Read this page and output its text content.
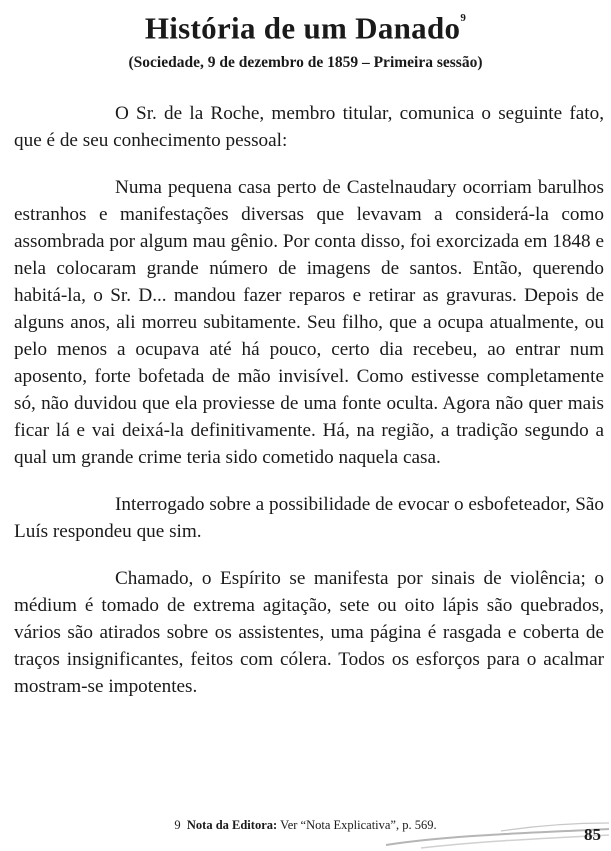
História de um Danado$^9$
(Sociedade, 9 de dezembro de 1859 – Primeira sessão)

O Sr. de la Roche, membro titular, comunica o seguinte fato, que é de seu conhecimento pessoal:

Numa pequena casa perto de Castelnaudary ocorriam barulhos estranhos e manifestações diversas que levavam a considerá-la como assombrada por algum mau gênio. Por conta disso, foi exorcizada em 1848 e nela colocaram grande número de imagens de santos. Então, querendo habitá-la, o Sr. D... mandou fazer reparos e retirar as gravuras. Depois de alguns anos, ali morreu subitamente. Seu filho, que a ocupa atualmente, ou pelo menos a ocupava até há pouco, certo dia recebeu, ao entrar num aposento, forte bofetada de mão invisível. Como estivesse completamente só, não duvidou que ela proviesse de uma fonte oculta. Agora não quer mais ficar lá e vai deixá-la definitivamente. Há, na região, a tradição segundo a qual um grande crime teria sido cometido naquela casa.

Interrogado sobre a possibilidade de evocar o esbofeteador, São Luís respondeu que sim.

Chamado, o Espírito se manifesta por sinais de violência; o médium é tomado de extrema agitação, sete ou oito lápis são quebrados, vários são atirados sobre os assistentes, uma página é rasgada e coberta de traços insignificantes, feitos com cólera. Todos os esforços para o acalmar mostram-se impotentes.

9 Nota da Editora: Ver “Nota Explicativa”, p. 569.	85
